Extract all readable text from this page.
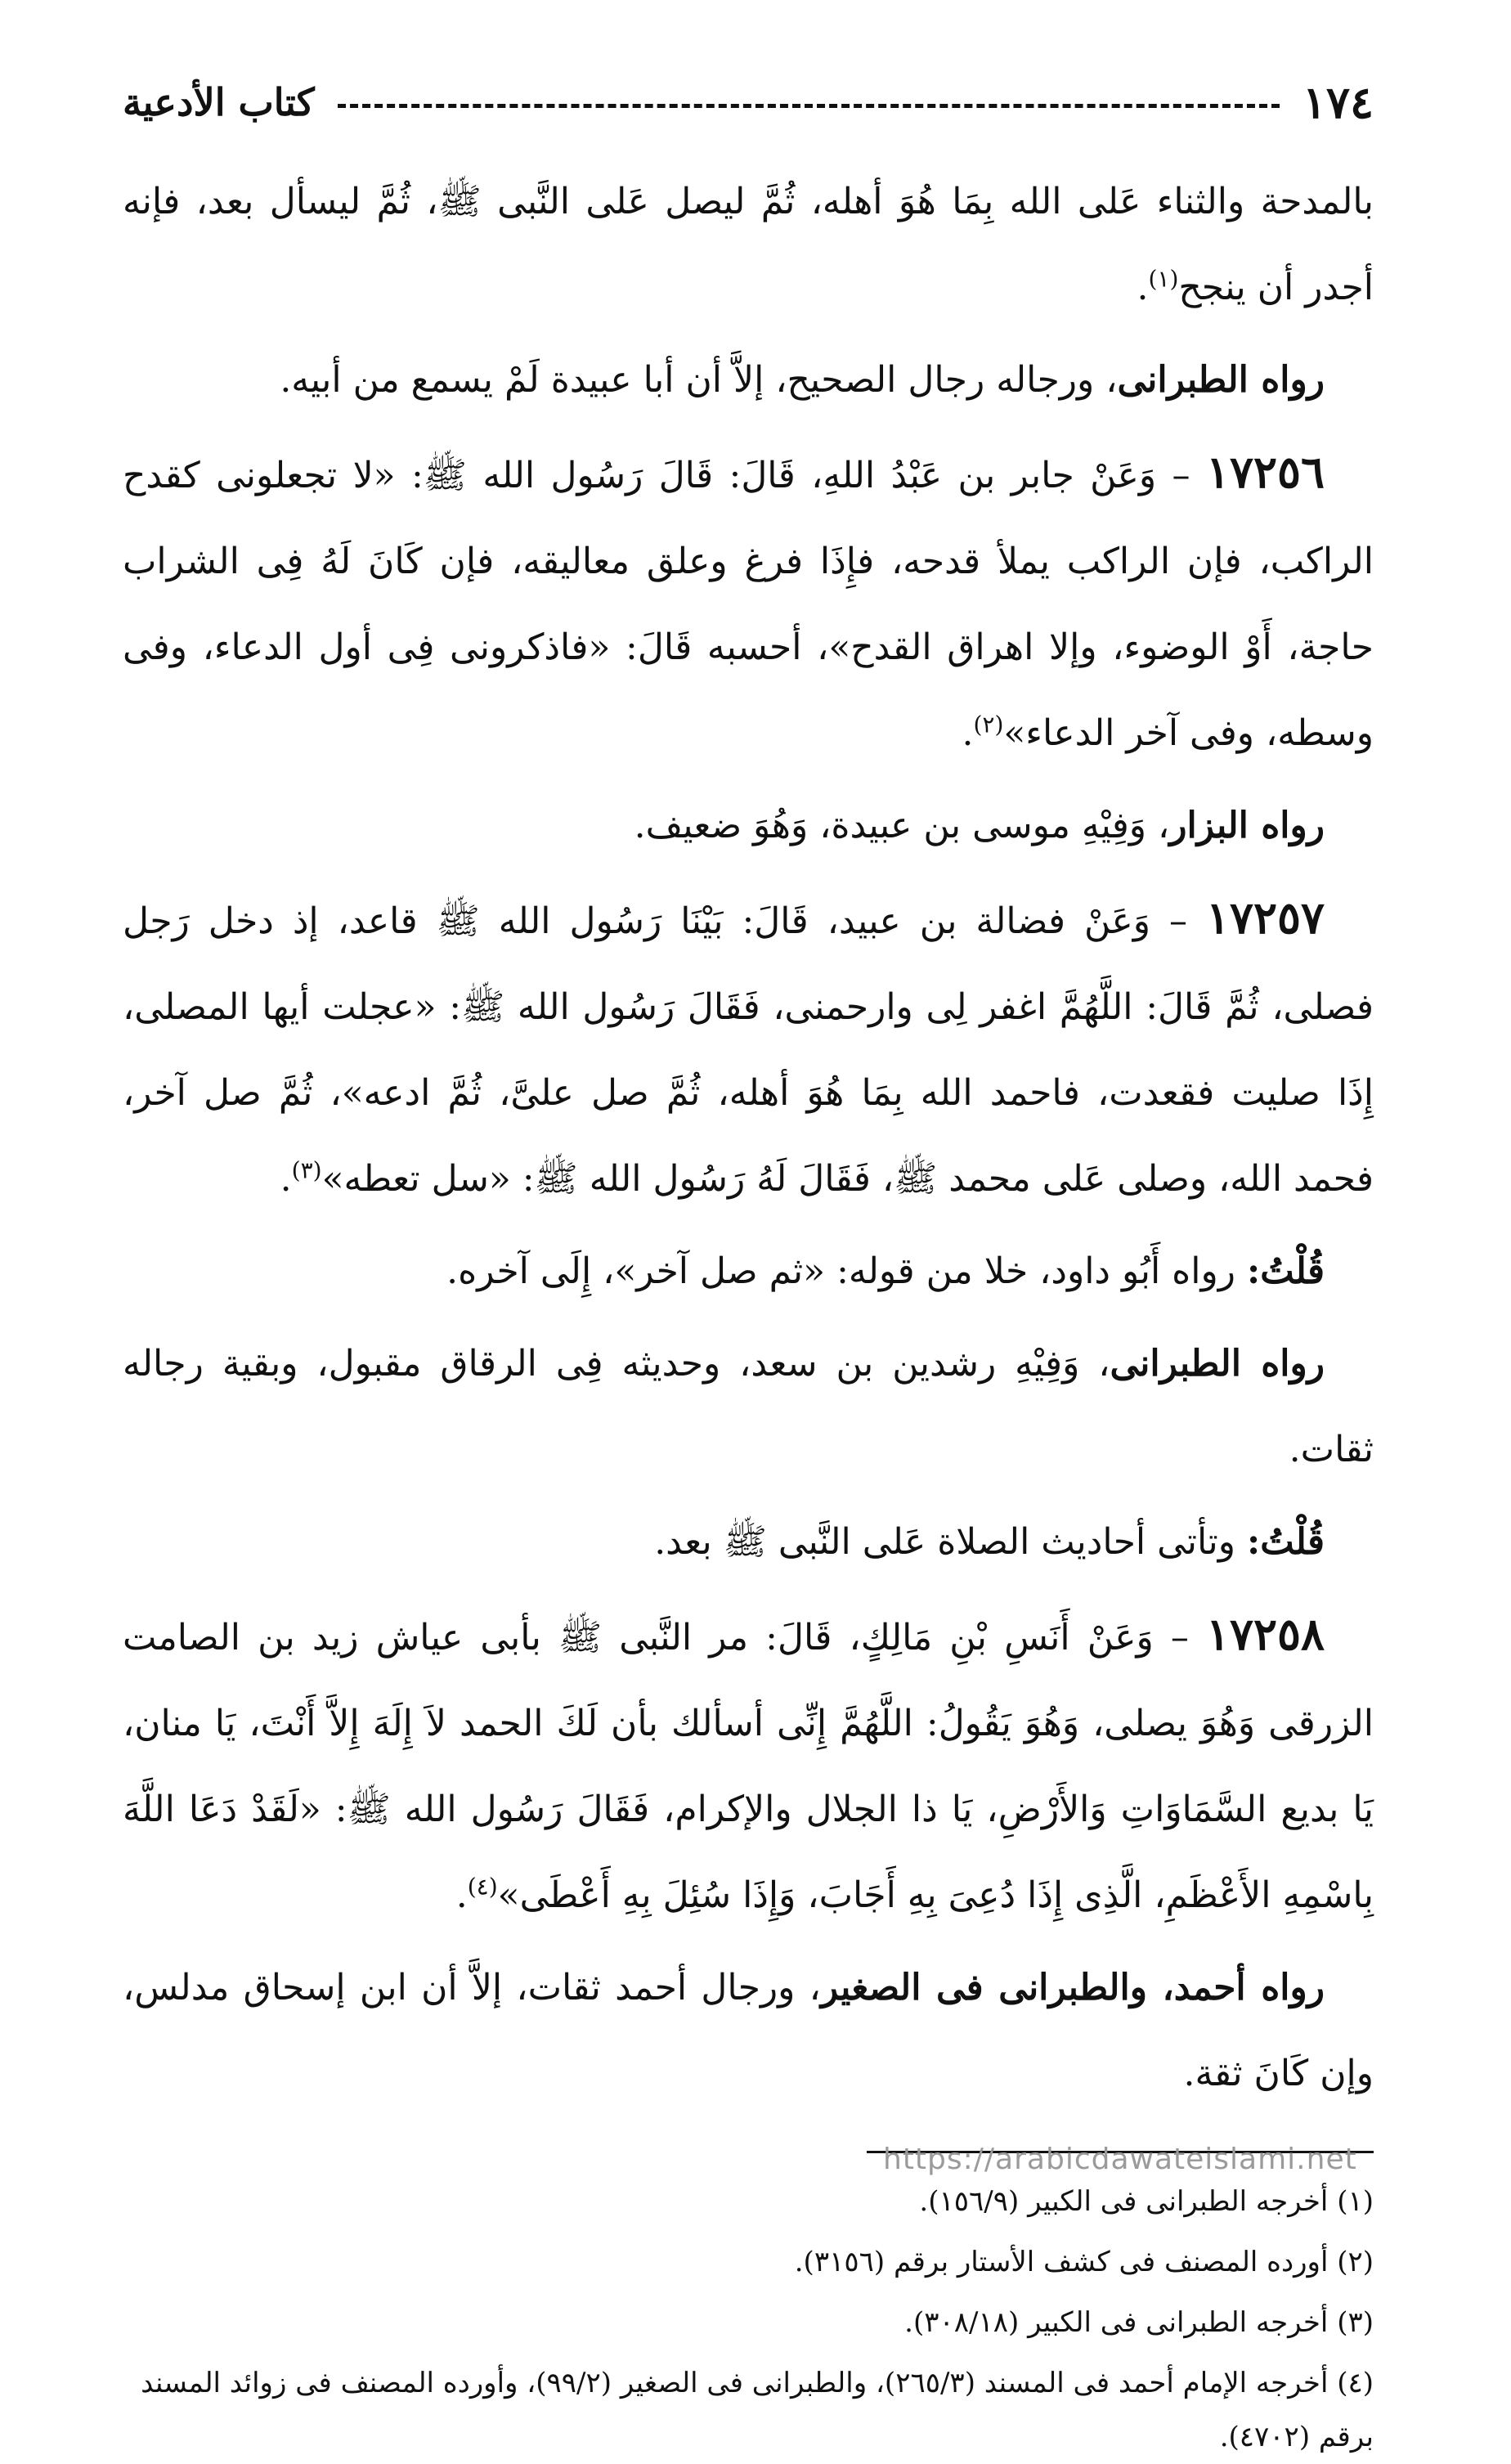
١٧٤
كتاب الأدعية

بالمدحة والثناء عَلى الله بِمَا هُوَ أهله، ثُمَّ ليصل عَلى النَّبى ﷺ، ثُمَّ ليسأل بعد، فإنه أجدر أن ينجح$^{(١)}$.

رواه الطبرانى، ورجاله رجال الصحيح، إلاَّ أن أبا عبيدة لَمْ يسمع من أبيه.

١٧٢٥٦ – وَعَنْ جابر بن عَبْدُ اللهِ، قَالَ: قَالَ رَسُول الله ﷺ: «لا تجعلونى كقدح الراكب، فإن الراكب يملأ قدحه، فإِذَا فرغ وعلق معاليقه، فإن كَانَ لَهُ فِى الشراب حاجة، أَوْ الوضوء، وإلا اهراق القدح»، أحسبه قَالَ: «فاذكرونى فِى أول الدعاء، وفى وسطه، وفى آخر الدعاء»$^{(٢)}$.

رواه البزار، وَفِيْهِ موسى بن عبيدة، وَهُوَ ضعيف.

١٧٢٥٧ – وَعَنْ فضالة بن عبيد، قَالَ: بَيْنَا رَسُول الله ﷺ قاعد، إذ دخل رَجل فصلى، ثُمَّ قَالَ: اللَّهُمَّ اغفر لِى وارحمنى، فَقَالَ رَسُول الله ﷺ: «عجلت أيها المصلى، إِذَا صليت فقعدت، فاحمد الله بِمَا هُوَ أهله، ثُمَّ صل علىَّ، ثُمَّ ادعه»، ثُمَّ صل آخر، فحمد الله، وصلى عَلى محمد ﷺ، فَقَالَ لَهُ رَسُول الله ﷺ: «سل تعطه»$^{(٣)}$.

قُلْتُ: رواه أَبُو داود، خلا من قوله: «ثم صل آخر»، إِلَى آخره.

رواه الطبرانى، وَفِيْهِ رشدين بن سعد، وحديثه فِى الرقاق مقبول، وبقية رجاله ثقات.

قُلْتُ: وتأتى أحاديث الصلاة عَلى النَّبى ﷺ بعد.

١٧٢٥٨ – وَعَنْ أَنَسِ بْنِ مَالِكٍ، قَالَ: مر النَّبى ﷺ بأبى عياش زيد بن الصامت الزرقى وَهُوَ يصلى، وَهُوَ يَقُولُ: اللَّهُمَّ إِنِّى أسألك بأن لَكَ الحمد لاَ إِلَهَ إِلاَّ أَنْتَ، يَا منان، يَا بديع السَّمَاوَاتِ وَالأَرْضِ، يَا ذا الجلال والإكرام، فَقَالَ رَسُول الله ﷺ: «لَقَدْ دَعَا اللَّهَ بِاسْمِهِ الأَعْظَمِ، الَّذِى إِذَا دُعِىَ بِهِ أَجَابَ، وَإِذَا سُئِلَ بِهِ أَعْطَى»$^{(٤)}$.

رواه أحمد، والطبرانى فى الصغير، ورجال أحمد ثقات، إلاَّ أن ابن إسحاق مدلس، وإن كَانَ ثقة.

(١) أخرجه الطبرانى فى الكبير (١٥٦/٩).

(٢) أورده المصنف فى كشف الأستار برقم (٣١٥٦).

(٣) أخرجه الطبرانى فى الكبير (٣٠٨/١٨).

(٤) أخرجه الإمام أحمد فى المسند (٢٦٥/٣)، والطبرانى فى الصغير (٩٩/٢)، وأورده المصنف فى زوائد المسند برقم (٤٧٠٢).

https://arabicdawateislami.net
